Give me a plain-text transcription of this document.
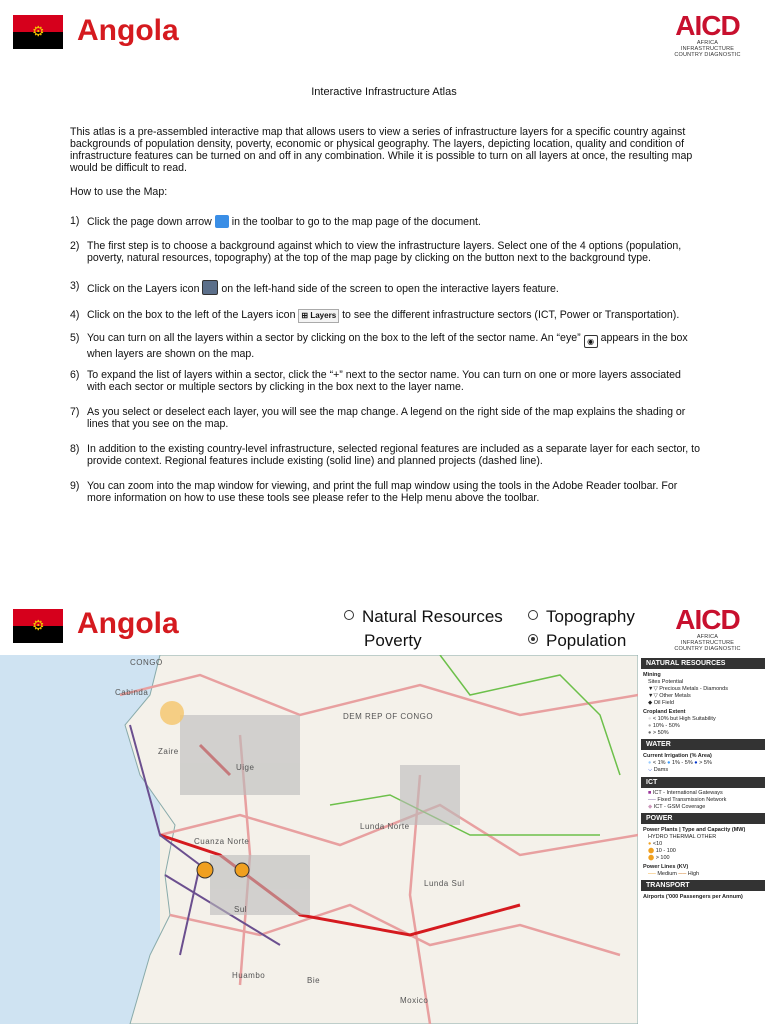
⚙ Angola	AICD
AFRICA INFRASTRUCTURE
COUNTRY DIAGNOSTIC
Interactive Infrastructure Atlas
This atlas is a pre-assembled interactive map that allows users to view a series of infrastructure layers for a specific country against backgrounds of population density, poverty, economic or physical geography. The layers, depicting location, quality and condition of infrastructure features can be turned on and off in any combination. While it is possible to turn on all layers at once, the resulting map would be difficult to read.
How to use the Map:
1) Click the page down arrow  in the toolbar to go to the map page of the document.
2) The first step is to choose a background against which to view the infrastructure layers. Select one of the 4 options (population, poverty, natural resources, topography) at the top of the map page by clicking on the button next to the background type.
3) Click on the Layers icon  on the left-hand side of the screen to open the interactive layers feature.
4) Click on the box to the left of the Layers icon ⊞ Layers to see the different infrastructure sectors (ICT, Power or Transportation).
5) You can turn on all the layers within a sector by clicking on the box to the left of the sector name. An “eye” ◉ appears in the box when layers are shown on the map.
6) To expand the list of layers within a sector, click the “+” next to the sector name. You can turn on one or more layers associated with each sector or multiple sectors by clicking in the box next to the layer name.
7) As you select or deselect each layer, you will see the map change. A legend on the right side of the map explains the shading or lines that you see on the map.
8) In addition to the existing country-level infrastructure, selected regional features are included as a separate layer for each sector, to provide context. Regional features include existing (solid line) and planned projects (dashed line).
9) You can zoom into the map window for viewing, and print the full map window using the tools in the Adobe Reader toolbar. For more information on how to use these tools see please refer to the Help menu above the toolbar.
⚙ Angola	Natural Resources	Topography
Poverty	Population
AICD
AFRICA INFRASTRUCTURE
COUNTRY DIAGNOSTIC
CONGO
DEM REP OF CONGO
Cabinda
Zaire
Uige
Lunda Norte
Cuanza Norte
Lunda Sul
Sul
Huambo
Bie
Moxico
NATURAL RESOURCES
Mining
Sites Potential
▼▽ Precious Metals - Diamonds
▼▽ Other Metals
◆ Oil Field
Cropland Extent
● < 10% but High Suitability
● 10% - 50%
● > 50%
WATER
Current Irrigation (% Area)
● < 1% ● 1% - 5% ● > 5%
⌵ Dams
ICT
■ ICT - International Gateways
── Fixed Transmission Network
◆ ICT - GSM Coverage
POWER
Power Plants | Type and Capacity (MW)
HYDRO THERMAL OTHER
● <10
⬤ 10 - 100
⬤ > 100
Power Lines (KV)
── Medium ── High
TRANSPORT
Airports ('000 Passengers per Annum)
